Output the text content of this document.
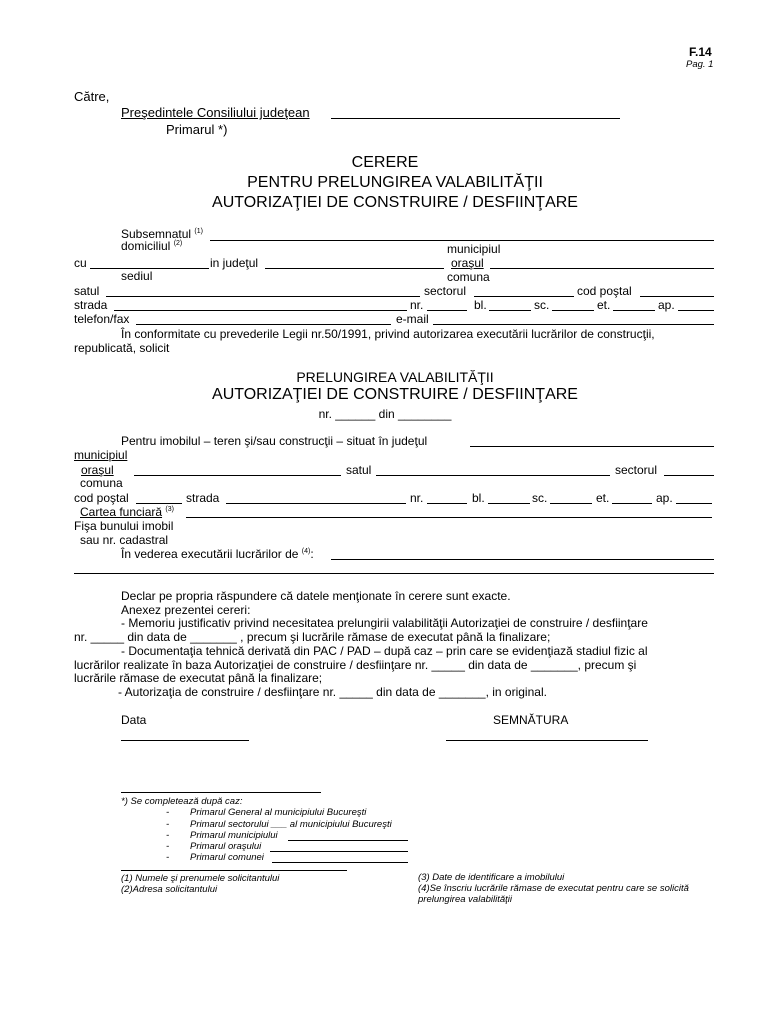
F.14
Pag. 1
Către,
Preşedintele Consiliului judeţean
Primarul *)
CERERE
PENTRU PRELUNGIREA VALABILITĂŢII
AUTORIZAŢIEI DE CONSTRUIRE / DESFIINŢARE
Subsemnatul $^{(1)}$
domiciliul $^{(2)}$	municipiul
cu	in judeţul	oraşul
sediul	comuna
satul	sectorul	cod poştal
strada	nr.	bl.	sc.	et.	ap.
telefon/fax	e-mail
În conformitate cu prevederile Legii nr.50/1991, privind autorizarea executării lucrărilor de construcţii,
republicată, solicit
PRELUNGIREA VALABILITĂŢII
AUTORIZAŢIEI DE CONSTRUIRE / DESFIINŢARE
nr. ______ din ________
Pentru imobilul – teren şi/sau construcţii – situat în judeţul
municipiul
oraşul	satul	sectorul
comuna
cod poştal	strada	nr.	bl.	sc.	et.	ap.
Cartea funciară $^{(3)}$
Fişa bunului imobil
sau nr. cadastral
În vederea executării lucrărilor de $^{(4)}$:
Declar pe propria răspundere că datele menţionate în cerere sunt exacte.
Anexez prezentei cereri:
- Memoriu justificativ privind necesitatea prelungirii valabilităţii Autorizaţiei de construire / desfiinţare
nr. _____ din data de _______ , precum şi lucrările rămase de executat până la finalizare;
- Documentaţia tehnică derivată din PAC / PAD – după caz – prin care se evidenţiază stadiul fizic al
lucrărilor realizate în baza Autorizaţiei de construire / desfiinţare nr. _____ din data de _______, precum şi
lucrările rămase de executat până la finalizare;
- Autorizaţia de construire / desfiinţare nr. _____ din data de _______, in original.
Data	SEMNĂTURA
*) Se completează după caz:
- Primarul General al municipiului Bucureşti
- Primarul sectorului ___ al municipiului Bucureşti
- Primarul municipiului
- Primarul oraşului
- Primarul comunei
(1) Numele şi prenumele solicitantului
(2)Adresa solicitantului
(3) Date de identificare a imobilului
(4)Se înscriu lucrările rămase de executat pentru care se solicită
prelungirea valabilităţii
